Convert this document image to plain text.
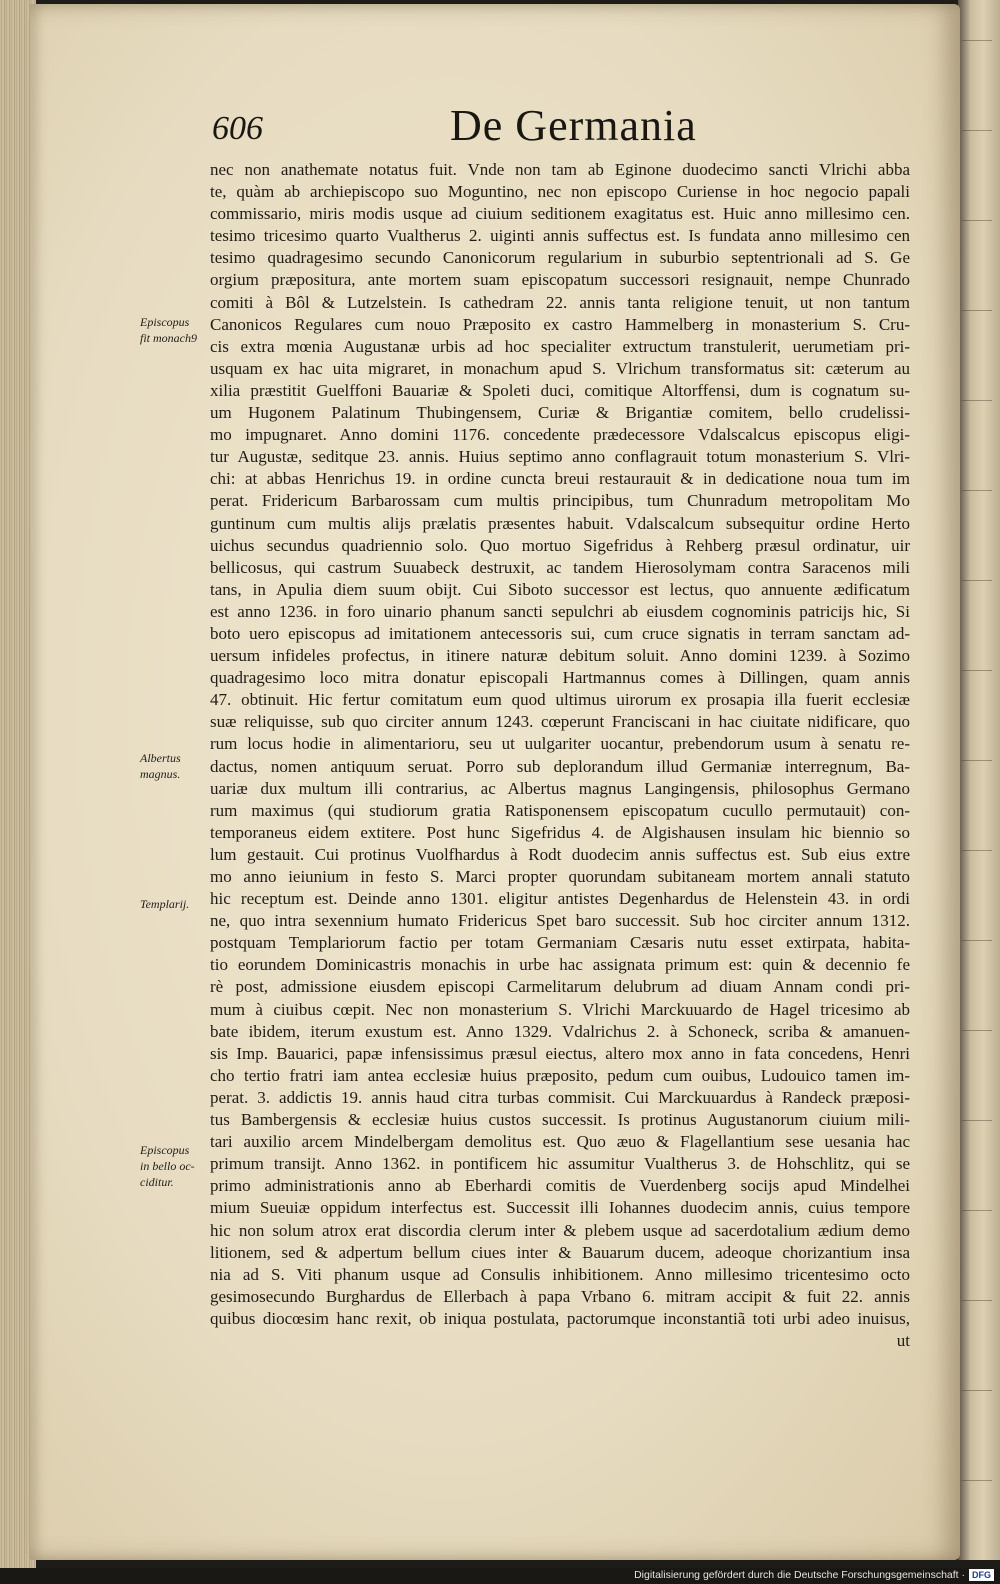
606	De Germania
nec non anathemate notatus fuit. Vnde non tam ab Eginone duodecimo sancti Vlrichi abba
te, quàm ab archiepiscopo suo Moguntino, nec non episcopo Curiense in hoc negocio papali
commissario, miris modis usque ad ciuium seditionem exagitatus est. Huic anno millesimo cen.
tesimo tricesimo quarto Vualtherus 2. uiginti annis suffectus est. Is fundata anno millesimo cen
tesimo quadragesimo secundo Canonicorum regularium in suburbio septentrionali ad S. Ge
orgium præpositura, ante mortem suam episcopatum successori resignauit, nempe Chunrado
comiti à Bôl & Lutzelstein. Is cathedram 22. annis tanta religione tenuit, ut non tantum
Canonicos Regulares cum nouo Præposito ex castro Hammelberg in monasterium S. Cru-
cis extra mœnia Augustanæ urbis ad hoc specialiter extructum transtulerit, uerumetiam pri-
usquam ex hac uita migraret, in monachum apud S. Vlrichum transformatus sit: cæterum au
xilia præstitit Guelffoni Bauariæ & Spoleti duci, comitique Altorffensi, dum is cognatum su-
um Hugonem Palatinum Thubingensem, Curiæ & Brigantiæ comitem, bello crudelissi-
mo impugnaret. Anno domini 1176. concedente prædecessore Vdalscalcus episcopus eligi-
tur Augustæ, seditque 23. annis. Huius septimo anno conflagrauit totum monasterium S. Vlri-
chi: at abbas Henrichus 19. in ordine cuncta breui restaurauit & in dedicatione noua tum im
perat. Fridericum Barbarossam cum multis principibus, tum Chunradum metropolitam Mo
guntinum cum multis alijs prælatis præsentes habuit. Vdalscalcum subsequitur ordine Herto
uichus secundus quadriennio solo. Quo mortuo Sigefridus à Rehberg præsul ordinatur, uir
bellicosus, qui castrum Suuabeck destruxit, ac tandem Hierosolymam contra Saracenos mili
tans, in Apulia diem suum obijt. Cui Siboto successor est lectus, quo annuente ædificatum
est anno 1236. in foro uinario phanum sancti sepulchri ab eiusdem cognominis patricijs hic, Si
boto uero episcopus ad imitationem antecessoris sui, cum cruce signatis in terram sanctam ad-
uersum infideles profectus, in itinere naturæ debitum soluit. Anno domini 1239. à Sozimo
quadragesimo loco mitra donatur episcopali Hartmannus comes à Dillingen, quam annis
47. obtinuit. Hic fertur comitatum eum quod ultimus uirorum ex prosapia illa fuerit ecclesiæ
suæ reliquisse, sub quo circiter annum 1243. cœperunt Franciscani in hac ciuitate nidificare, quo
rum locus hodie in alimentarioru, seu ut uulgariter uocantur, prebendorum usum à senatu re-
dactus, nomen antiquum seruat. Porro sub deplorandum illud Germaniæ interregnum, Ba-
uariæ dux multum illi contrarius, ac Albertus magnus Langingensis, philosophus Germano
rum maximus (qui studiorum gratia Ratisponensem episcopatum cucullo permutauit) con-
temporaneus eidem extitere. Post hunc Sigefridus 4. de Algishausen insulam hic biennio so
lum gestauit. Cui protinus Vuolfhardus à Rodt duodecim annis suffectus est. Sub eius extre
mo anno ieiunium in festo S. Marci propter quorundam subitaneam mortem annali statuto
hic receptum est. Deinde anno 1301. eligitur antistes Degenhardus de Helenstein 43. in ordi
ne, quo intra sexennium humato Fridericus Spet baro successit. Sub hoc circiter annum 1312.
postquam Templariorum factio per totam Germaniam Cæsaris nutu esset extirpata, habita-
tio eorundem Dominicastris monachis in urbe hac assignata primum est: quin & decennio fe
rè post, admissione eiusdem episcopi Carmelitarum delubrum ad diuam Annam condi pri-
mum à ciuibus cœpit. Nec non monasterium S. Vlrichi Marckuuardo de Hagel tricesimo ab
bate ibidem, iterum exustum est. Anno 1329. Vdalrichus 2. à Schoneck, scriba & amanuen-
sis Imp. Bauarici, papæ infensissimus præsul eiectus, altero mox anno in fata concedens, Henri
cho tertio fratri iam antea ecclesiæ huius præposito, pedum cum ouibus, Ludouico tamen im-
perat. 3. addictis 19. annis haud citra turbas commisit. Cui Marckuuardus à Randeck præposi-
tus Bambergensis & ecclesiæ huius custos successit. Is protinus Augustanorum ciuium mili-
tari auxilio arcem Mindelbergam demolitus est. Quo æuo & Flagellantium sese uesania hac
primum transijt. Anno 1362. in pontificem hic assumitur Vualtherus 3. de Hohschlitz, qui se
primo administrationis anno ab Eberhardi comitis de Vuerdenberg socijs apud Mindelhei
mium Sueuiæ oppidum interfectus est. Successit illi Iohannes duodecim annis, cuius tempore
hic non solum atrox erat discordia clerum inter & plebem usque ad sacerdotalium ædium demo
litionem, sed & adpertum bellum ciues inter & Bauarum ducem, adeoque chorizantium insa
nia ad S. Viti phanum usque ad Consulis inhibitionem. Anno millesimo tricentesimo octo
gesimosecundo Burghardus de Ellerbach à papa Vrbano 6. mitram accipit & fuit 22. annis
quibus diocœsim hanc rexit, ob iniqua postulata, pactorumque inconstantiã toti urbi adeo inuisus,
ut
Episcopus
fit monach9
Albertus
magnus.
Templarij.
Episcopus
in bello oc-
ciditur.
Digitalisierung gefördert durch die Deutsche Forschungsgemeinschaft · DFG
